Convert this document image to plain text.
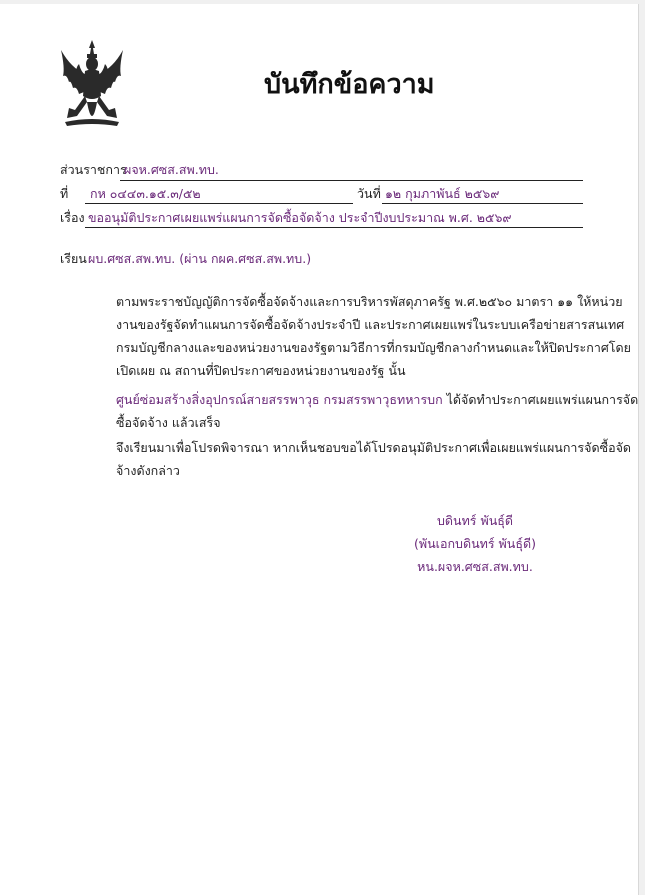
บันทึกข้อความ
ส่วนราชการ
ผจห.ศซส.สพ.ทบ.
ที่ กห ๐๔๔๓.๑๕.๓/๕๒	วันที่ ๑๒ กุมภาพันธ์ ๒๕๖๙
เรื่อง ขออนุมัติประกาศเผยแพร่แผนการจัดซื้อจัดจ้าง ประจำปีงบประมาณ พ.ศ. ๒๕๖๙
เรียน ผบ.ศซส.สพ.ทบ. (ผ่าน กผค.ศซส.สพ.ทบ.)
ตามพระราชบัญญัติการจัดซื้อจัดจ้างและการบริหารพัสดุภาครัฐ พ.ศ.๒๕๖๐ มาตรา ๑๑ ให้หน่วยงานของรัฐจัดทำแผนการจัดซื้อจัดจ้างประจำปี และประกาศเผยแพร่ในระบบเครือข่ายสารสนเทศกรมบัญชีกลางและของหน่วยงานของรัฐตามวิธีการที่กรมบัญชีกลางกำหนดและให้ปิดประกาศโดยเปิดเผย ณ สถานที่ปิดประกาศของหน่วยงานของรัฐ นั้น
ศูนย์ซ่อมสร้างสิ่งอุปกรณ์สายสรรพาวุธ กรมสรรพาวุธทหารบก ได้จัดทำประกาศเผยแพร่แผนการจัดซื้อจัดจ้าง แล้วเสร็จ
จึงเรียนมาเพื่อโปรดพิจารณา หากเห็นชอบขอได้โปรดอนุมัติประกาศเพื่อเผยแพร่แผนการจัดซื้อจัดจ้างดังกล่าว
บดินทร์ พันธุ์ดี
(พันเอกบดินทร์ พันธุ์ดี)
หน.ผจห.ศซส.สพ.ทบ.
